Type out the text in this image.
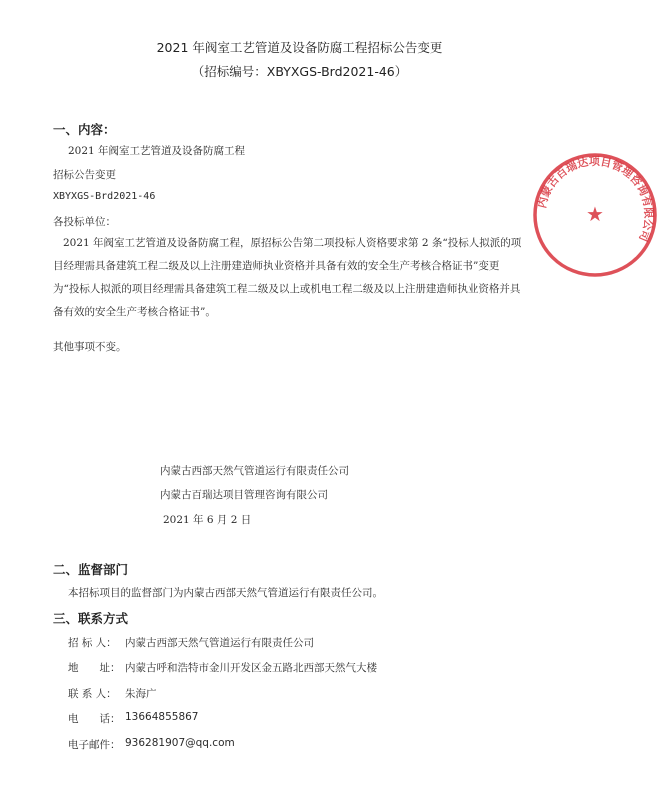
2021 年阀室工艺管道及设备防腐工程招标公告变更
（招标编号：XBYXGS-Brd2021-46）
一、内容：
2021 年阀室工艺管道及设备防腐工程
招标公告变更
XBYXGS-Brd2021-46
各投标单位：
2021 年阀室工艺管道及设备防腐工程，原招标公告第二项投标人资格要求第 2 条“投标人拟派的项目经理需具备建筑工程二级及以上注册建造师执业资格并具备有效的安全生产考核合格证书”变更为“投标人拟派的项目经理需具备建筑工程二级及以上或机电工程二级及以上注册建造师执业资格并具备有效的安全生产考核合格证书”。
其他事项不变。
内蒙古西部天然气管道运行有限责任公司
内蒙古百瑞达项目管理咨询有限公司
2021 年 6 月 2 日
二、监督部门
本招标项目的监督部门为内蒙古西部天然气管道运行有限责任公司。
三、联系方式
招 标 人： 内蒙古西部天然气管道运行有限责任公司
地　　址： 内蒙古呼和浩特市金川开发区金五路北西部天然气大楼
联 系 人： 朱海广
电　　话： 13664855867
电子邮件： 936281907@qq.com
内蒙古百瑞达项目管理咨询有限公司
★
